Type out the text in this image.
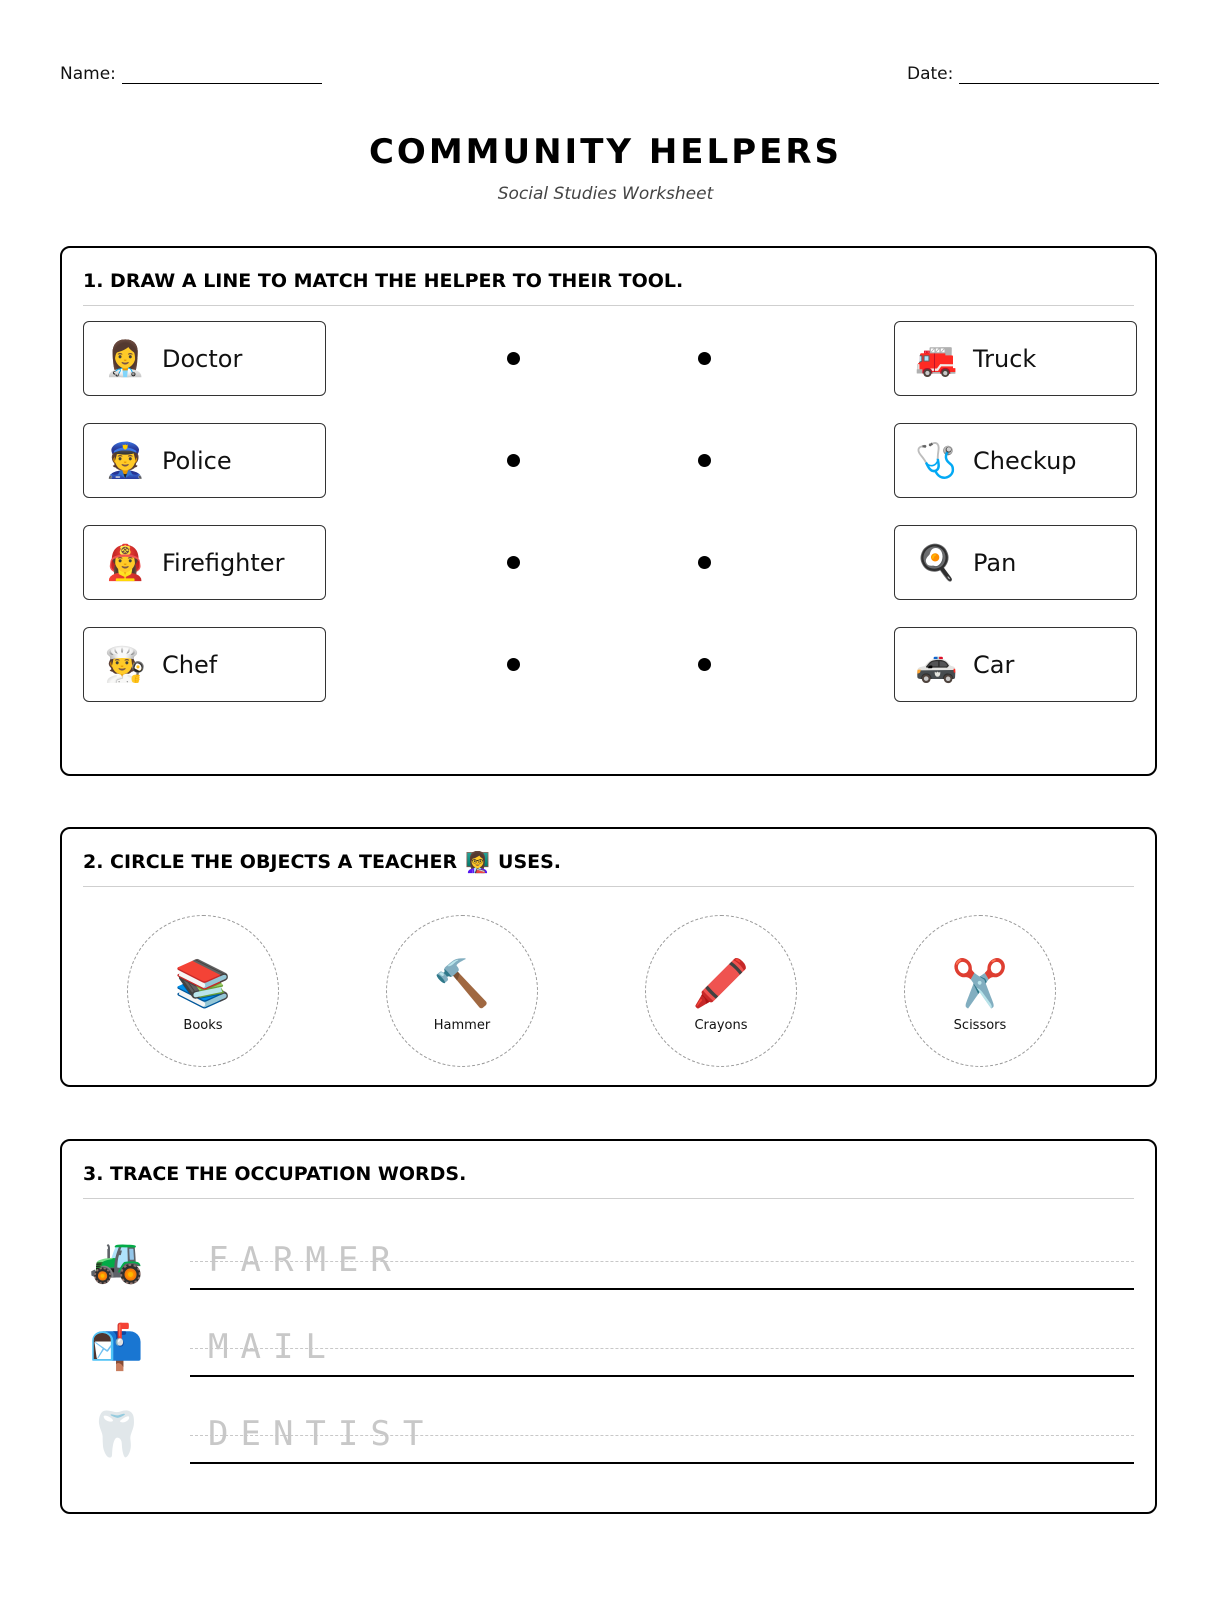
Name:	Date:
COMMUNITY HELPERS
Social Studies Worksheet
1. DRAW A LINE TO MATCH THE HELPER TO THEIR TOOL.
👩‍⚕️ Doctor
👮 Police
👩‍🚒 Firefighter
🧑‍🍳 Chef
🚒 Truck
🩺 Checkup
🍳 Pan
🚓 Car
2. CIRCLE THE OBJECTS A TEACHER 👩‍🏫 USES.
📚
Books
🔨
Hammer
🖍️
Crayons
✂️
Scissors
3. TRACE THE OCCUPATION WORDS.
🚜 FARMER
📬 MAIL
🦷 DENTIST
